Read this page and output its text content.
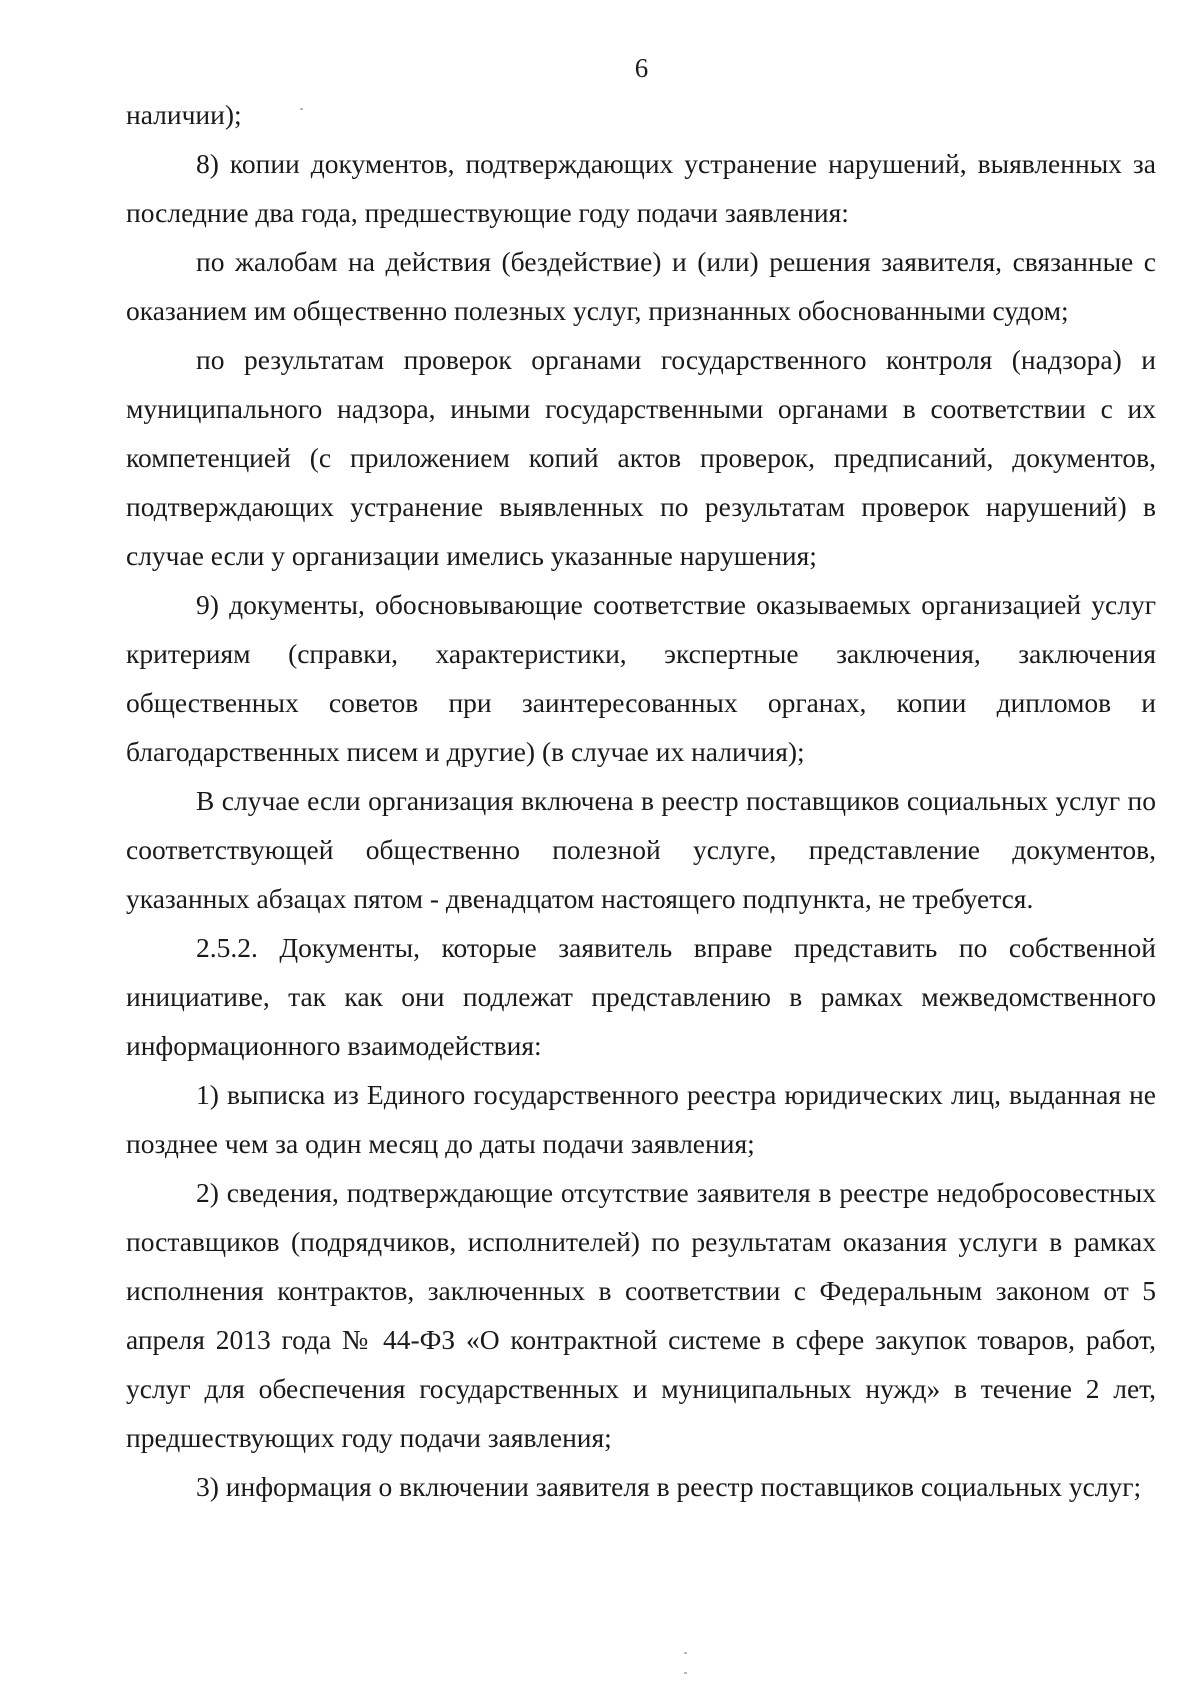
6

наличии);

8) копии документов, подтверждающих устранение нарушений, выявленных за последние два года, предшествующие году подачи заявления:

по жалобам на действия (бездействие) и (или) решения заявителя, связанные с оказанием им общественно полезных услуг, признанных обоснованными судом;

по результатам проверок органами государственного контроля (надзора) и муниципального надзора, иными государственными органами в соответствии с их компетенцией (с приложением копий актов проверок, предписаний, документов, подтверждающих устранение выявленных по результатам проверок нарушений) в случае если у организации имелись указанные нарушения;

9) документы, обосновывающие соответствие оказываемых организацией услуг критериям (справки, характеристики, экспертные заключения, заключения общественных советов при заинтересованных органах, копии дипломов и благодарственных писем и другие) (в случае их наличия);

В случае если организация включена в реестр поставщиков социальных услуг по соответствующей общественно полезной услуге, представление документов, указанных абзацах пятом - двенадцатом настоящего подпункта, не требуется.

2.5.2. Документы, которые заявитель вправе представить по собственной инициативе, так как они подлежат представлению в рамках межведомственного информационного взаимодействия:

1) выписка из Единого государственного реестра юридических лиц, выданная не позднее чем за один месяц до даты подачи заявления;

2) сведения, подтверждающие отсутствие заявителя в реестре недобросовестных поставщиков (подрядчиков, исполнителей) по результатам оказания услуги в рамках исполнения контрактов, заключенных в соответствии с Федеральным законом от 5 апреля 2013 года № 44-ФЗ «О контрактной системе в сфере закупок товаров, работ, услуг для обеспечения государственных и муниципальных нужд» в течение 2 лет, предшествующих году подачи заявления;

3) информация о включении заявителя в реестр поставщиков социальных услуг;
